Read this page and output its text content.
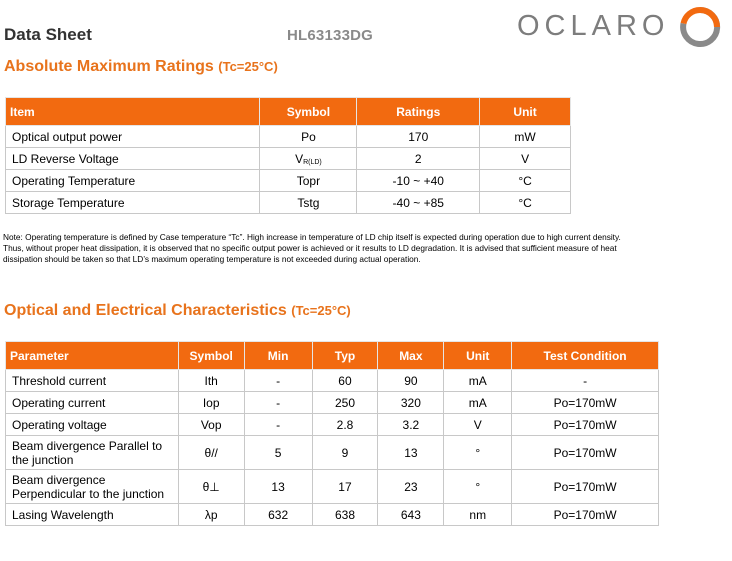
Data Sheet	HL63133DG	OCLARO
Absolute Maximum Ratings (Tc=25°C)
Item	Symbol	Ratings	Unit
Optical output power	Po	170	mW
LD Reverse Voltage	$V_{R(LD)}$	2	V
Operating Temperature	Topr	-10 ~ +40	°C
Storage Temperature	Tstg	-40 ~ +85	°C
Note: Operating temperature is defined by Case temperature “Tc”. High increase in temperature of LD chip itself is expected during operation due to high current density.
Thus, without proper heat dissipation, it is observed that no specific output power is achieved or it results to LD degradation. It is advised that sufficient measure of heat
dissipation should be taken so that LD’s maximum operating temperature is not exceeded during actual operation.
Optical and Electrical Characteristics (Tc=25°C)
Parameter	Symbol	Min	Typ	Max	Unit	Test Condition
Threshold current	Ith	-	60	90	mA	-
Operating current	Iop	-	250	320	mA	Po=170mW
Operating voltage	Vop	-	2.8	3.2	V	Po=170mW
Beam divergence Parallel to the junction	θ//	5	9	13	°	Po=170mW
Beam divergence Perpendicular to the junction	θ⊥	13	17	23	°	Po=170mW
Lasing Wavelength	λp	632	638	643	nm	Po=170mW
